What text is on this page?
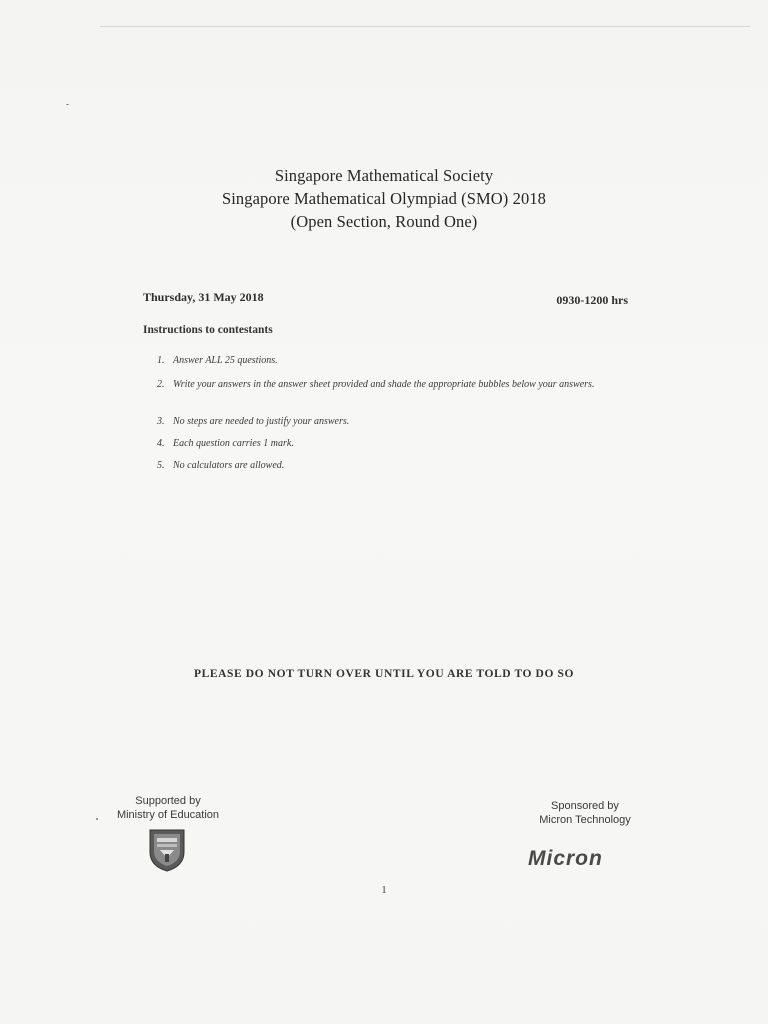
Singapore Mathematical Society
Singapore Mathematical Olympiad (SMO) 2018
(Open Section, Round One)
Thursday, 31 May 2018	0930-1200 hrs
Instructions to contestants
1. Answer ALL 25 questions.
2. Write your answers in the answer sheet provided and shade the appropriate bubbles below your answers.
3. No steps are needed to justify your answers.
4. Each question carries 1 mark.
5. No calculators are allowed.
PLEASE DO NOT TURN OVER UNTIL YOU ARE TOLD TO DO SO
Supported by
Ministry of Education
Sponsored by
Micron Technology
Micron
1
